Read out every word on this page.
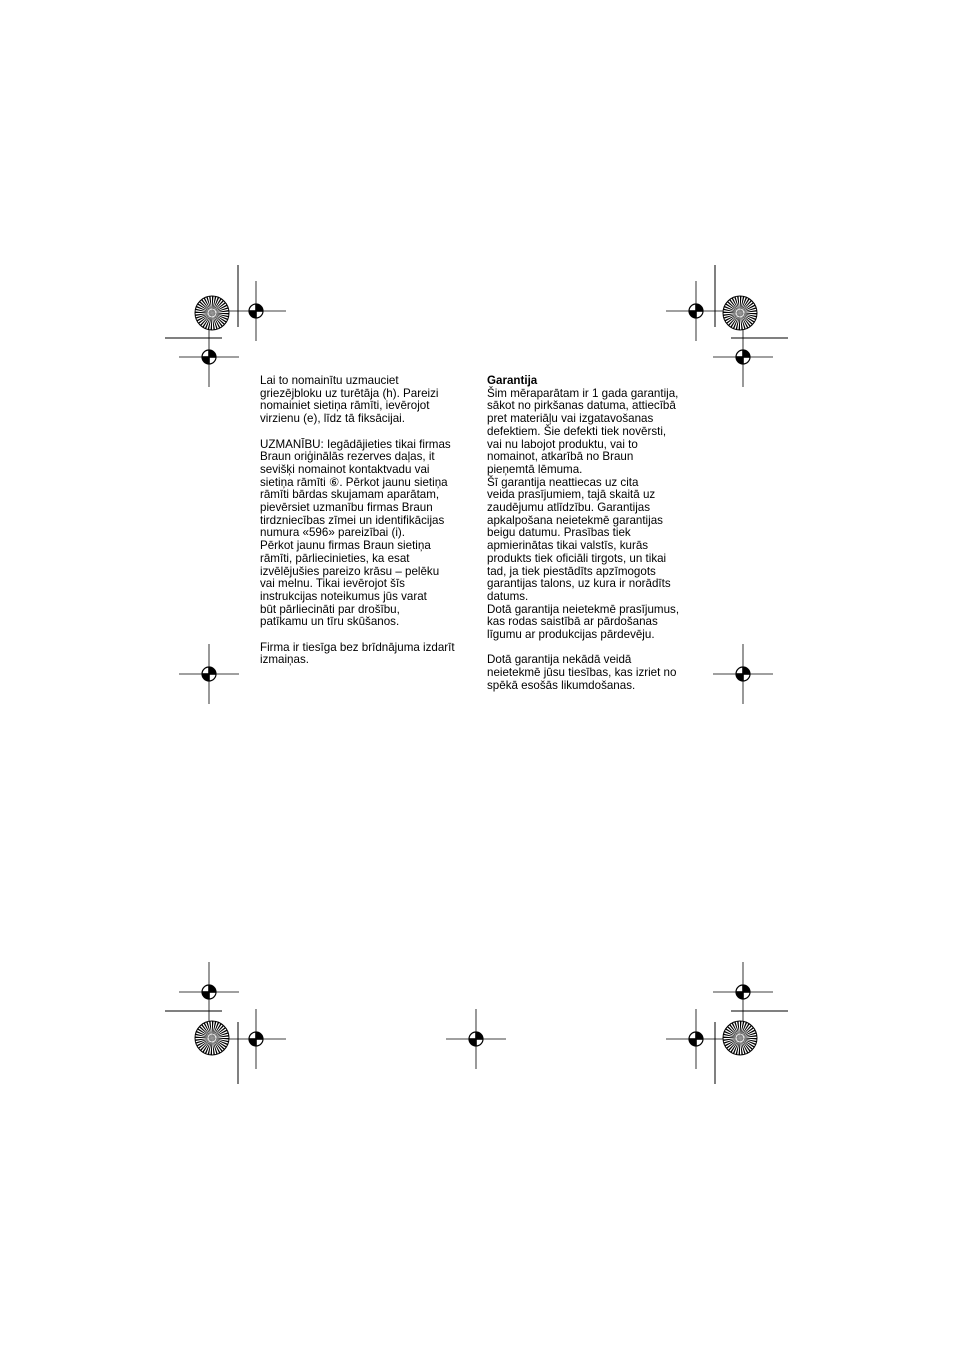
Lai to nomainītu uzmauciet

griezējbloku uz turētāja (h). Pareizi

nomainiet sietiņa rāmīti, ievērojot

virzienu (e), līdz tā fiksācijai.

UZMANĪBU: Iegādājieties tikai firmas

Braun oriģinālās rezerves daļas, it

sevišķi nomainot kontaktvadu vai

sietiņa rāmīti ⑥. Pērkot jaunu sietiņa

rāmīti bārdas skujamam aparātam,

pievērsiet uzmanību firmas Braun

tirdzniecības zīmei un identifikācijas

numura «596» pareizībai (i).

Pērkot jaunu firmas Braun sietiņa

rāmīti, pārliecinieties, ka esat

izvēlējušies pareizo krāsu – pelēku

vai melnu. Tikai ievērojot šīs

instrukcijas noteikumus jūs varat

būt pārliecināti par drošību,

patīkamu un tīru skūšanos.

Firma ir tiesīga bez brīdnājuma izdarīt

izmaiņas.

Garantija

Šim mēraparātam ir 1 gada garantija,

sākot no pirkšanas datuma, attiecībā

pret materiāļu vai izgatavošanas

defektiem. Šie defekti tiek novērsti,

vai nu labojot produktu, vai to

nomainot, atkarībā no Braun

pieņemtā lēmuma.

Šī garantija neattiecas uz cita

veida prasījumiem, tajā skaitā uz

zaudējumu atlīdzību. Garantijas

apkalpošana neietekmē garantijas

beigu datumu. Prasības tiek

apmierinātas tikai valstīs, kurās

produkts tiek oficiāli tirgots, un tikai

tad, ja tiek piestādīts apzīmogots

garantijas talons, uz kura ir norādīts

datums.

Dotā garantija neietekmē prasījumus,

kas rodas saistībā ar pārdošanas

līgumu ar produkcijas pārdevēju.

Dotā garantija nekādā veidā

neietekmē jūsu tiesības, kas izriet no

spēkā esošās likumdošanas.
